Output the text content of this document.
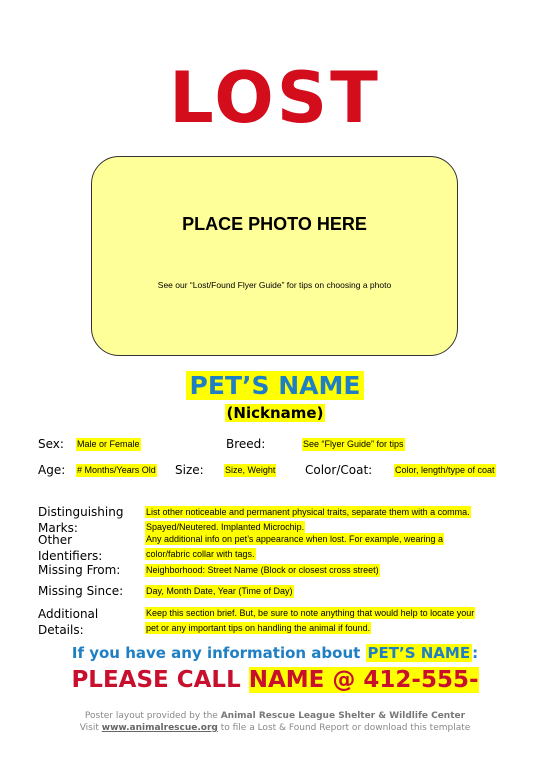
LOST
PLACE PHOTO HERE
See our “Lost/Found Flyer Guide” for tips on choosing a photo
PET’S NAME
(Nickname)
Sex: Male or Female	Breed:	See “Flyer Guide” for tips
Age: # Months/Years Old Size: Size, Weight Color/Coat:	Color, length/type of coat
Distinguishing
Marks:
List other noticeable and permanent physical traits, separate them with a comma.
Spayed/Neutered. Implanted Microchip.
Other
Identifiers:
Any additional info on pet’s appearance when lost. For example, wearing a
color/fabric collar with tags.
Missing From:	Neighborhood: Street Name (Block or closest cross street)
Missing Since:	Day, Month Date, Year (Time of Day)
Additional
Details:
Keep this section brief. But, be sure to note anything that would help to locate your
pet or any important tips on handling the animal if found.
If you have any information about PET’S NAME :
PLEASE CALL NAME @ 412-555-
Poster layout provided by the Animal Rescue League Shelter & Wildlife Center
Visit www.animalrescue.org to file a Lost & Found Report or download this template
